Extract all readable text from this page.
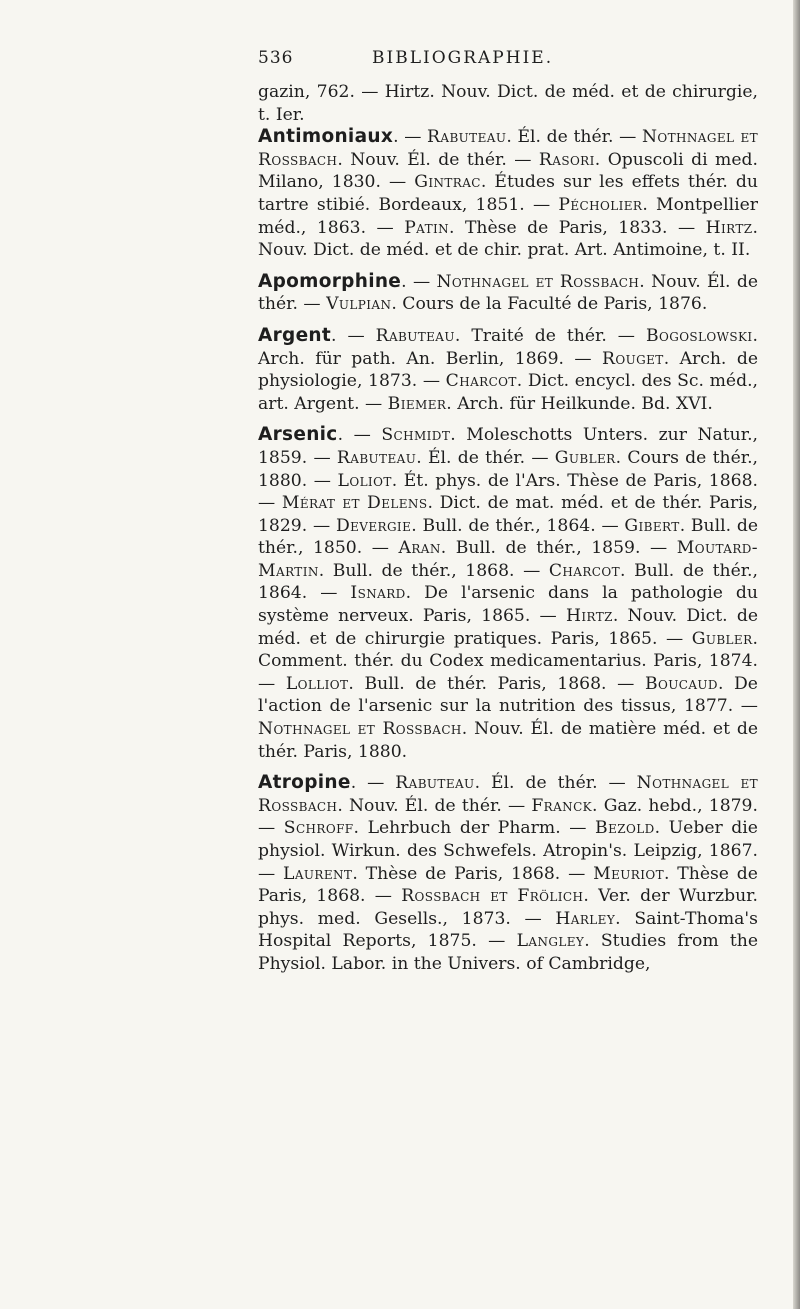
536	BIBLIOGRAPHIE.

gazin, 762. — Hirtz. Nouv. Dict. de méd. et de chirurgie, t. Ier.

Antimoniaux. — Rabuteau. Él. de thér. — Nothnagel et Rossbach. Nouv. Él. de thér. — Rasori. Opuscoli di med. Milano, 1830. — Gintrac. Études sur les effets thér. du tartre stibié. Bordeaux, 1851. — Pécholier. Montpellier méd., 1863. — Patin. Thèse de Paris, 1833. — Hirtz. Nouv. Dict. de méd. et de chir. prat. Art. Antimoine, t. II.

Apomorphine. — Nothnagel et Rossbach. Nouv. Él. de thér. — Vulpian. Cours de la Faculté de Paris, 1876.

Argent. — Rabuteau. Traité de thér. — Bogoslowski. Arch. für path. An. Berlin, 1869. — Rouget. Arch. de physiologie, 1873. — Charcot. Dict. encycl. des Sc. méd., art. Argent. — Biemer. Arch. für Heilkunde. Bd. XVI.

Arsenic. — Schmidt. Moleschotts Unters. zur Natur., 1859. — Rabuteau. Él. de thér. — Gubler. Cours de thér., 1880. — Loliot. Ét. phys. de l'Ars. Thèse de Paris, 1868. — Mérat et Delens. Dict. de mat. méd. et de thér. Paris, 1829. — Devergie. Bull. de thér., 1864. — Gibert. Bull. de thér., 1850. — Aran. Bull. de thér., 1859. — Moutard-Martin. Bull. de thér., 1868. — Charcot. Bull. de thér., 1864. — Isnard. De l'arsenic dans la pathologie du système nerveux. Paris, 1865. — Hirtz. Nouv. Dict. de méd. et de chirurgie pratiques. Paris, 1865. — Gubler. Comment. thér. du Codex medicamentarius. Paris, 1874. — Lolliot. Bull. de thér. Paris, 1868. — Boucaud. De l'action de l'arsenic sur la nutrition des tissus, 1877. — Nothnagel et Rossbach. Nouv. Él. de matière méd. et de thér. Paris, 1880.

Atropine. — Rabuteau. Él. de thér. — Nothnagel et Rossbach. Nouv. Él. de thér. — Franck. Gaz. hebd., 1879. — Schroff. Lehrbuch der Pharm. — Bezold. Ueber die physiol. Wirkun. des Schwefels. Atropin's. Leipzig, 1867. — Laurent. Thèse de Paris, 1868. — Meuriot. Thèse de Paris, 1868. — Rossbach et Frölich. Ver. der Wurzbur. phys. med. Gesells., 1873. — Harley. Saint-Thoma's Hospital Reports, 1875. — Langley. Studies from the Physiol. Labor. in the Univers. of Cambridge,
